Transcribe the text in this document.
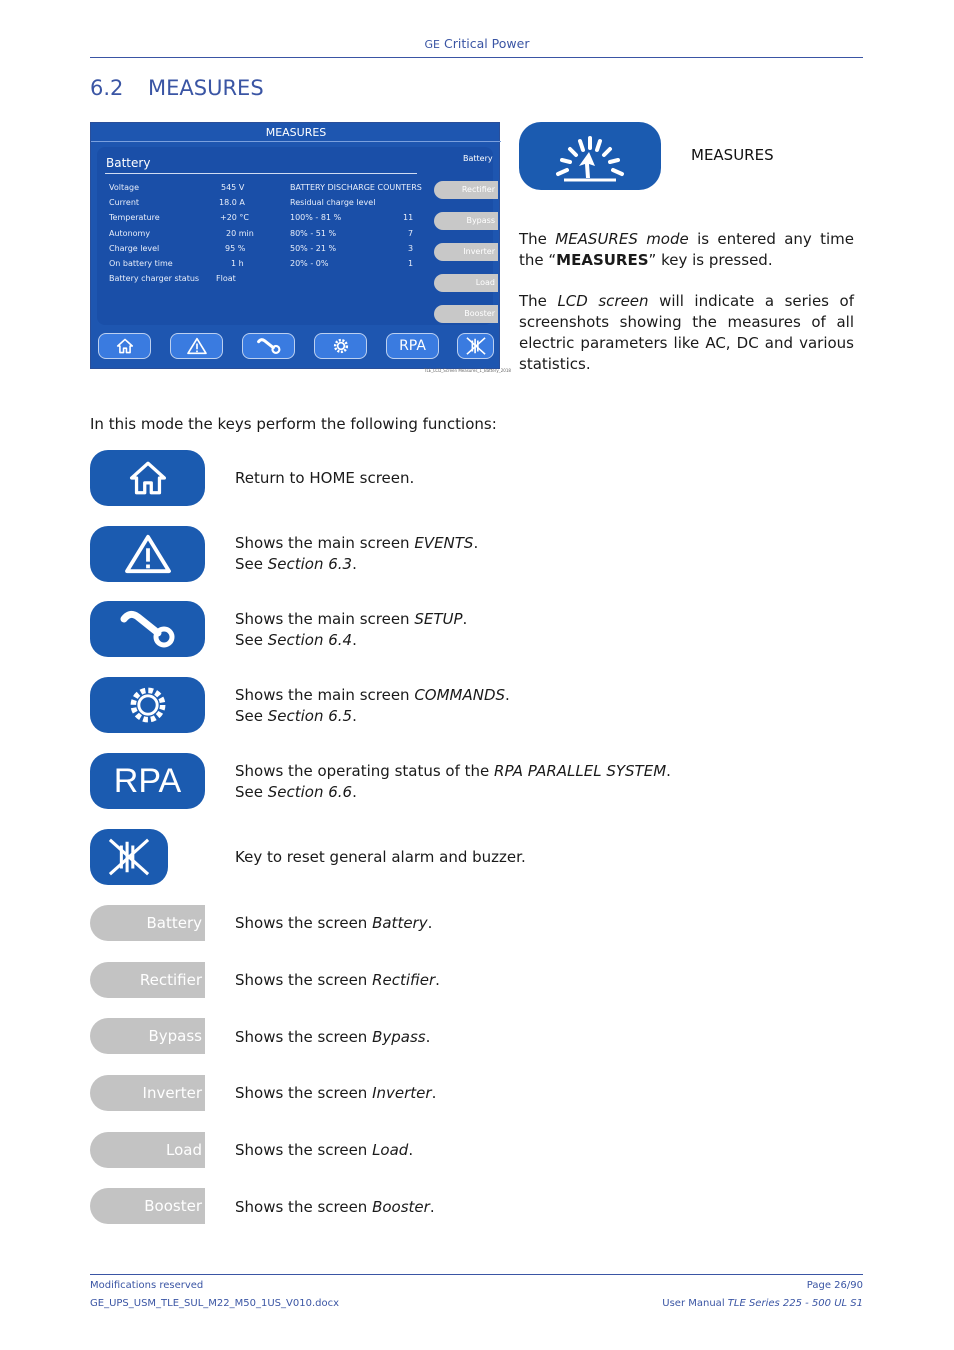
GE Critical Power
6.2 MEASURES
MEASURES
Battery	Battery
Voltage	545 V	BATTERY DISCHARGE COUNTERS
Current	18.0 A	Residual charge level
Temperature	+20 °C	100% - 81 %	11
Autonomy	20 min	80% - 51 %	7
Charge level	95 %	50% - 21 %	3
On battery time	1 h	20% - 0%	1
Battery charger status Float
Rectifier
Bypass
Inverter
Load
Booster
RPA
TLE_LCD_Screen Measures_1_Battery_2018
MEASURES
The MEASURES mode is entered any time the “MEASURES” key is pressed.
The LCD screen will indicate a series of screenshots showing the measures of all electric parameters like AC, DC and various statistics.
In this mode the keys perform the following functions:
Return to HOME screen.
Shows the main screen EVENTS.
See Section 6.3.
Shows the main screen SETUP.
See Section 6.4.
Shows the main screen COMMANDS.
See Section 6.5.
RPA	Shows the operating status of the RPA PARALLEL SYSTEM.
See Section 6.6.
Key to reset general alarm and buzzer.
Battery Shows the screen Battery.
Rectifier Shows the screen Rectifier.
Bypass Shows the screen Bypass.
Inverter Shows the screen Inverter.
Load Shows the screen Load.
Booster Shows the screen Booster.
Modifications reserved
GE_UPS_USM_TLE_SUL_M22_M50_1US_V010.docx
Page 26/90
User Manual TLE Series 225 - 500 UL S1
